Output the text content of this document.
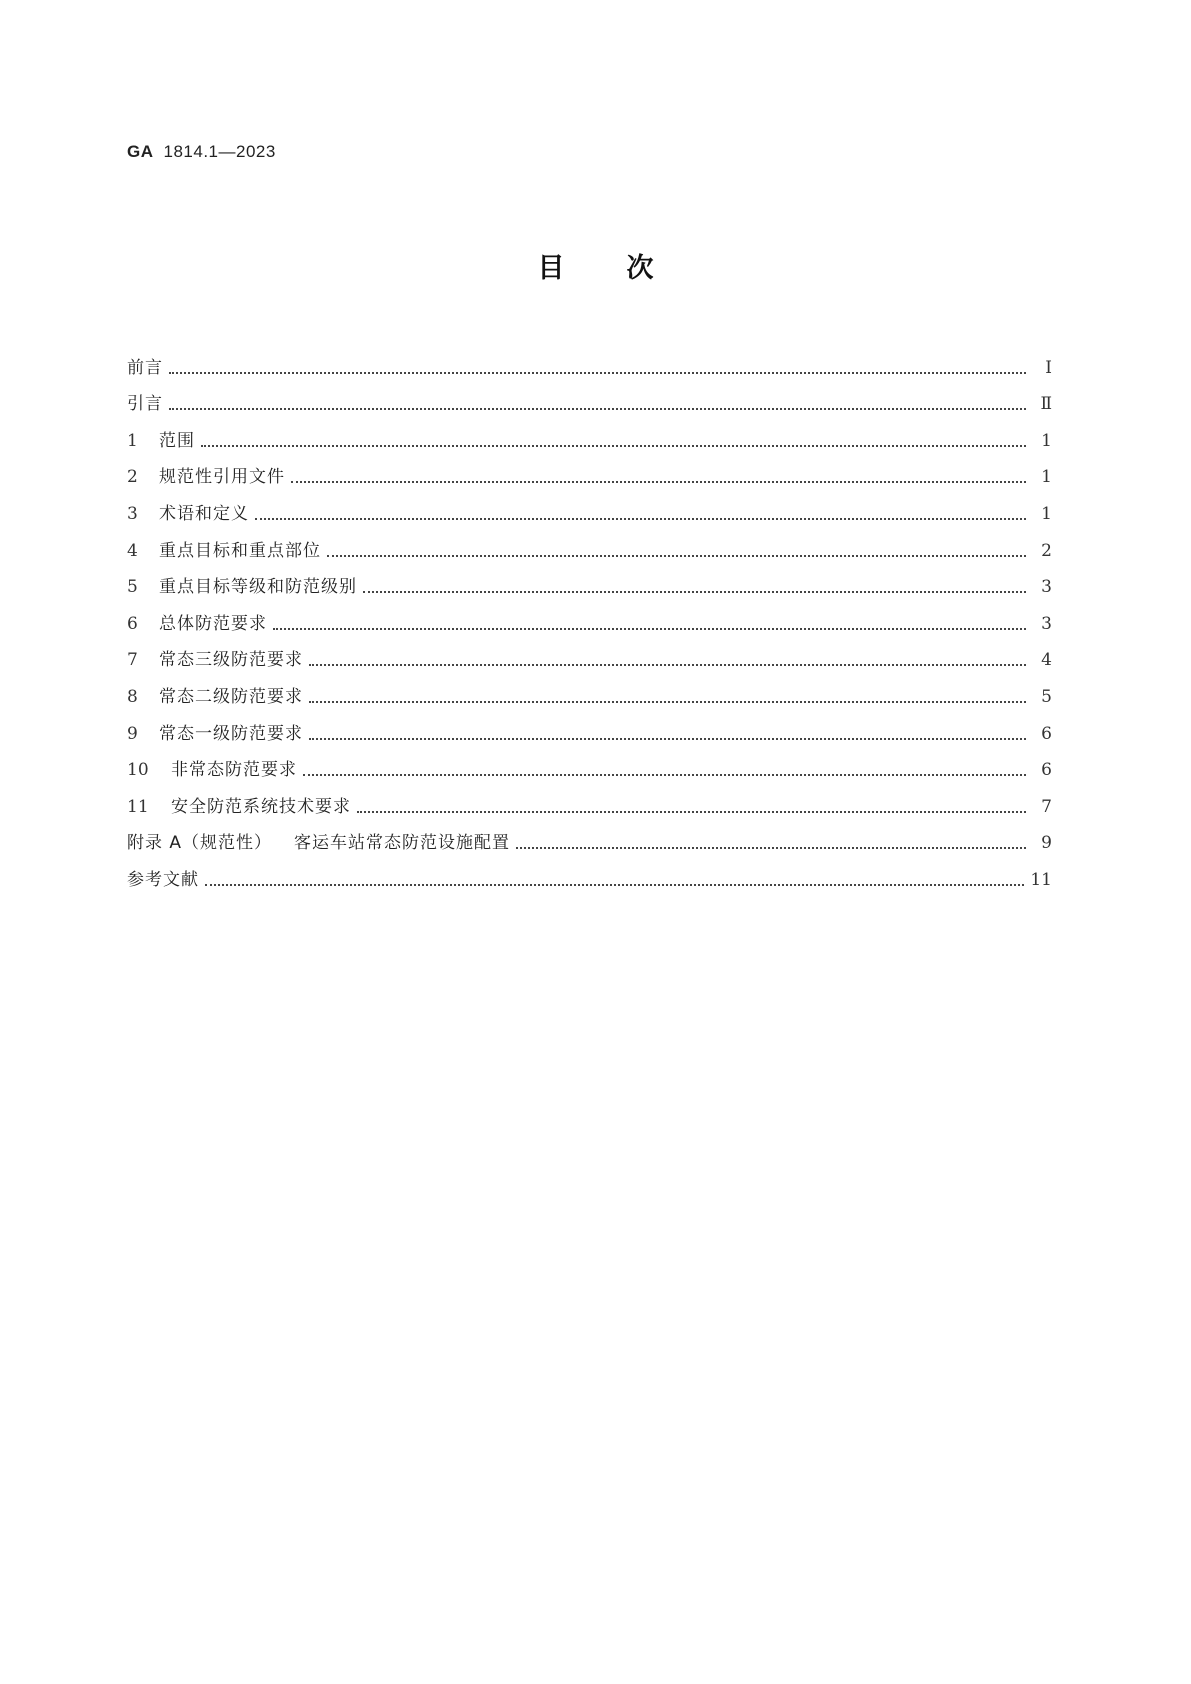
GA 1814.1—2023
目次
前言	Ⅰ
引言	Ⅱ
1	范围	1
2	规范性引用文件	1
3	术语和定义	1
4	重点目标和重点部位	2
5	重点目标等级和防范级别	3
6	总体防范要求	3
7	常态三级防范要求	4
8	常态二级防范要求	5
9	常态一级防范要求	6
10	非常态防范要求	6
11	安全防范系统技术要求	7
附录 A（规范性） 客运车站常态防范设施配置	9
参考文献	11
